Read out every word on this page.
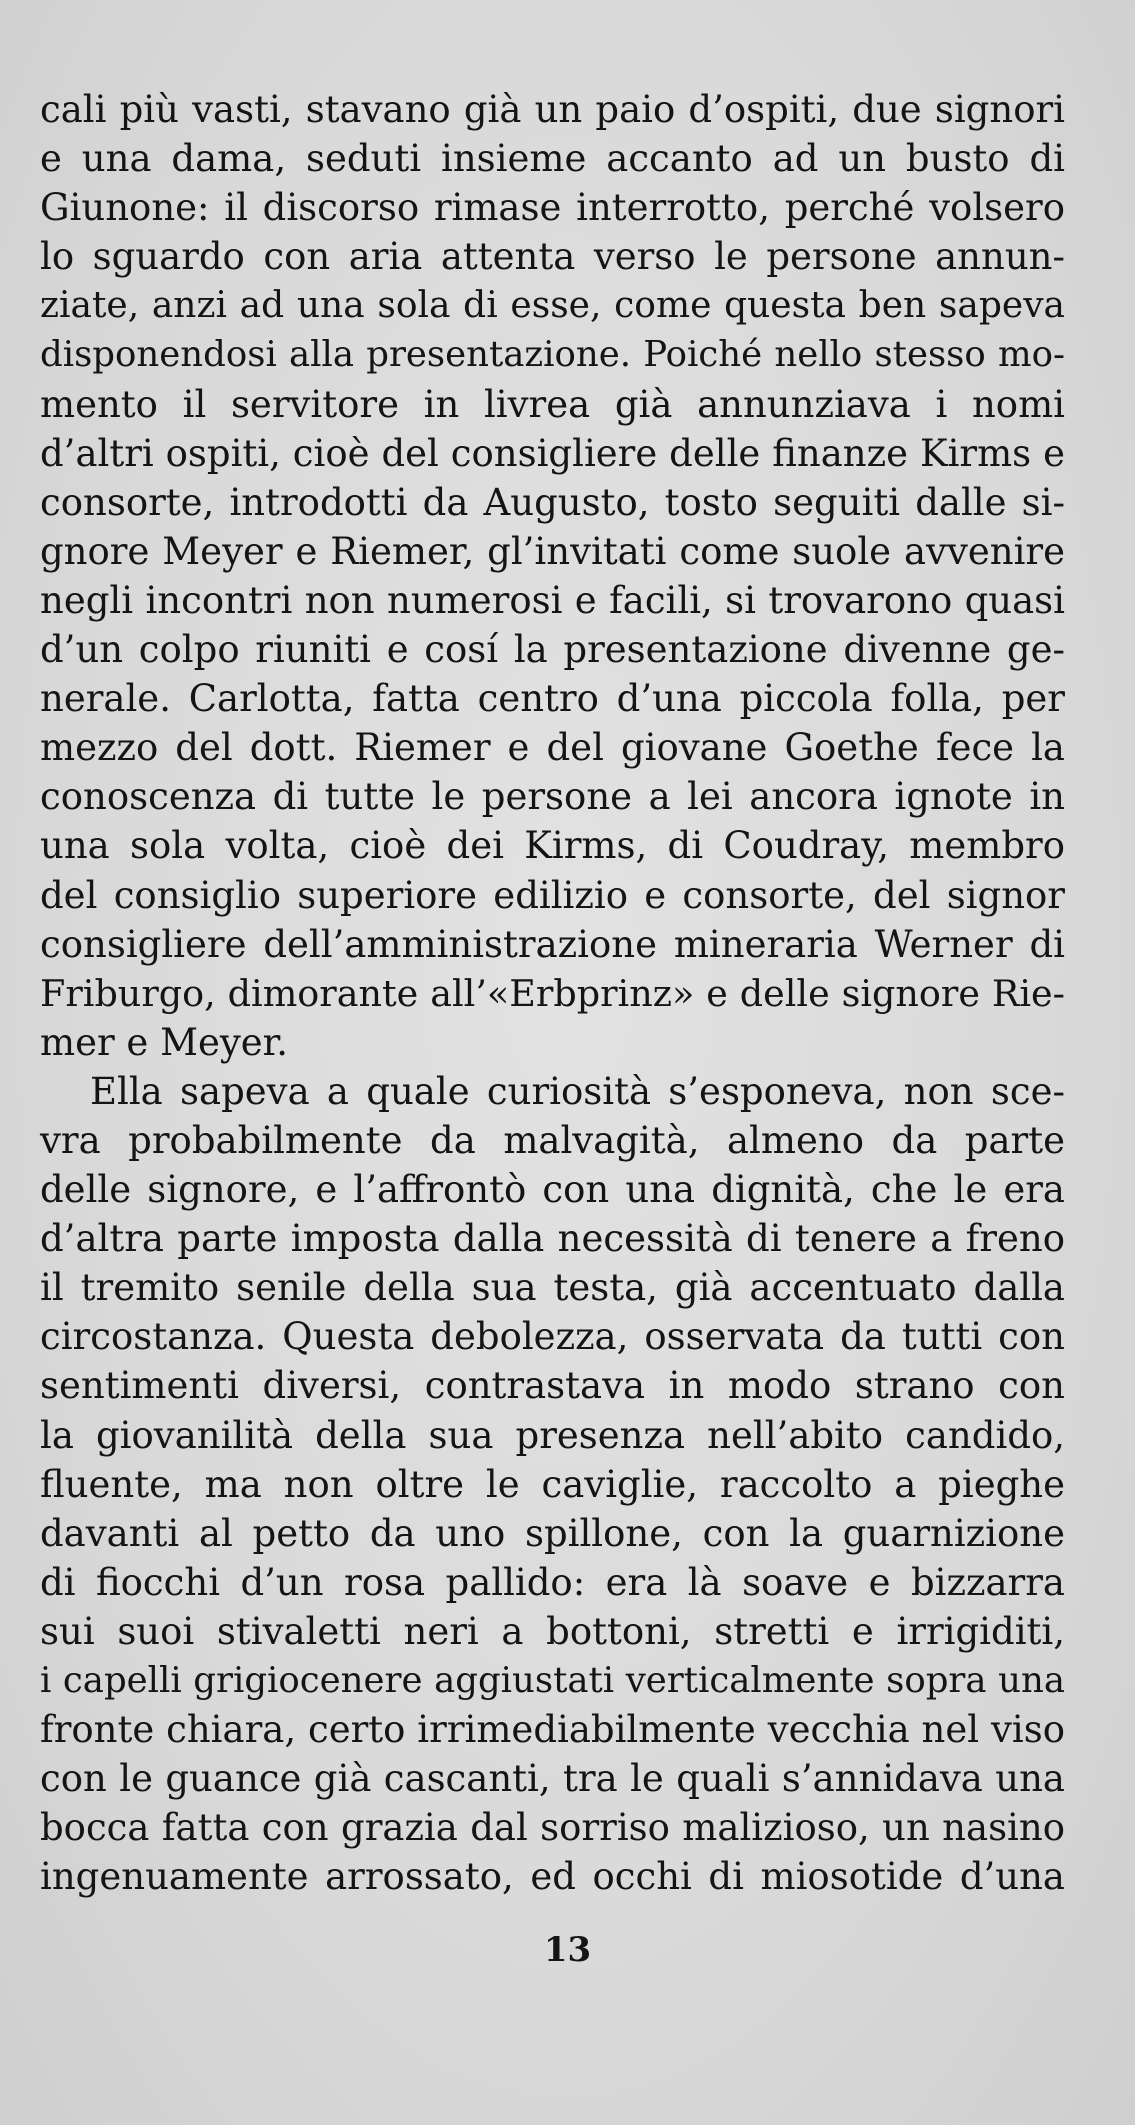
cali più vasti, stavano già un paio d’ospiti, due signori
e una dama, seduti insieme accanto ad un busto di
Giunone: il discorso rimase interrotto, perché volsero
lo sguardo con aria attenta verso le persone annun-
ziate, anzi ad una sola di esse, come questa ben sapeva
disponendosi alla presentazione. Poiché nello stesso mo-
mento il servitore in livrea già annunziava i nomi
d’altri ospiti, cioè del consigliere delle finanze Kirms e
consorte, introdotti da Augusto, tosto seguiti dalle si-
gnore Meyer e Riemer, gl’invitati come suole avvenire
negli incontri non numerosi e facili, si trovarono quasi
d’un colpo riuniti e cosí la presentazione divenne ge-
nerale. Carlotta, fatta centro d’una piccola folla, per
mezzo del dott. Riemer e del giovane Goethe fece la
conoscenza di tutte le persone a lei ancora ignote in
una sola volta, cioè dei Kirms, di Coudray, membro
del consiglio superiore edilizio e consorte, del signor
consigliere dell’amministrazione mineraria Werner di
Friburgo, dimorante all’«Erbprinz» e delle signore Rie-
mer e Meyer.
Ella sapeva a quale curiosità s’esponeva, non sce-
vra probabilmente da malvagità, almeno da parte
delle signore, e l’affrontò con una dignità, che le era
d’altra parte imposta dalla necessità di tenere a freno
il tremito senile della sua testa, già accentuato dalla
circostanza. Questa debolezza, osservata da tutti con
sentimenti diversi, contrastava in modo strano con
la giovanilità della sua presenza nell’abito candido,
fluente, ma non oltre le caviglie, raccolto a pieghe
davanti al petto da uno spillone, con la guarnizione
di fiocchi d’un rosa pallido: era là soave e bizzarra
sui suoi stivaletti neri a bottoni, stretti e irrigiditi,
i capelli grigiocenere aggiustati verticalmente sopra una
fronte chiara, certo irrimediabilmente vecchia nel viso
con le guance già cascanti, tra le quali s’annidava una
bocca fatta con grazia dal sorriso malizioso, un nasino
ingenuamente arrossato, ed occhi di miosotide d’una
13
